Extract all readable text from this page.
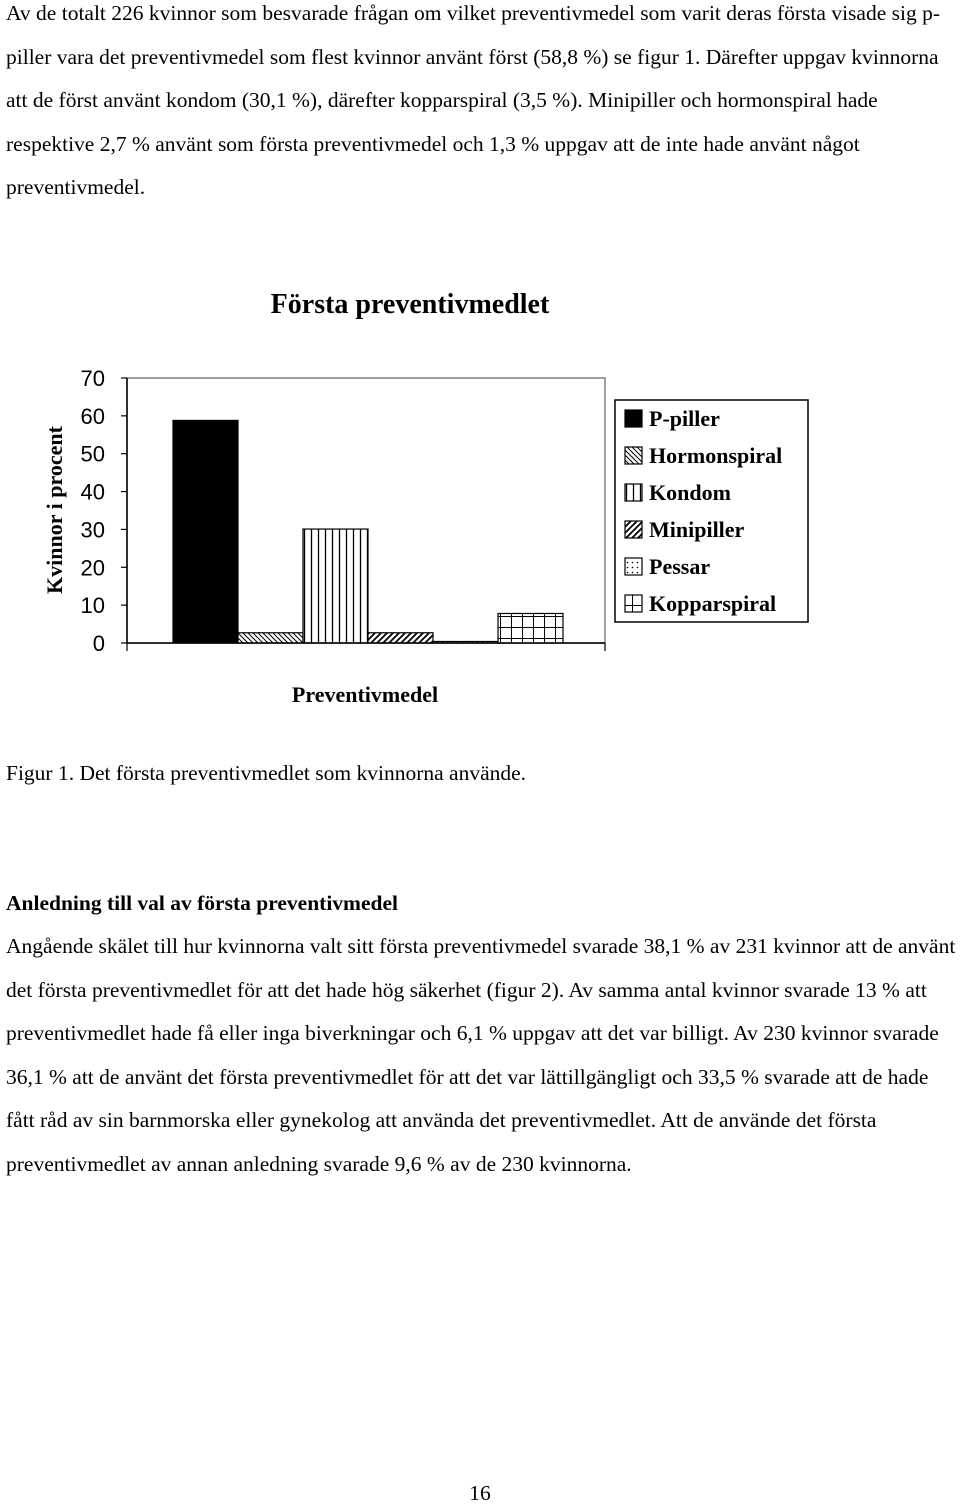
Av de totalt 226 kvinnor som besvarade frågan om vilket preventivmedel som varit deras första visade sig p-piller vara det preventivmedel som flest kvinnor använt först (58,8 %) se figur 1. Därefter uppgav kvinnorna att de först använt kondom (30,1 %), därefter kopparspiral (3,5 %). Minipiller och hormonspiral hade respektive 2,7 % använt som första preventivmedel och 1,3 % uppgav att de inte hade använt något preventivmedel.

Första preventivmedlet
Kvinnor i procent
Preventivmedel
0
10
20
30
40
50
60
70
P-piller
Hormonspiral
Kondom
Minipiller
Pessar
Kopparspiral

Figur 1. Det första preventivmedlet som kvinnorna använde.

Anledning till val av första preventivmedel

Angående skälet till hur kvinnorna valt sitt första preventivmedel svarade 38,1 % av 231 kvinnor att de använt det första preventivmedlet för att det hade hög säkerhet (figur 2). Av samma antal kvinnor svarade 13 % att preventivmedlet hade få eller inga biverkningar och 6,1 % uppgav att det var billigt. Av 230 kvinnor svarade 36,1 % att de använt det första preventivmedlet för att det var lättillgängligt och 33,5 % svarade att de hade fått råd av sin barnmorska eller gynekolog att använda det preventivmedlet. Att de använde det första preventivmedlet av annan anledning svarade 9,6 % av de 230 kvinnorna.

16
